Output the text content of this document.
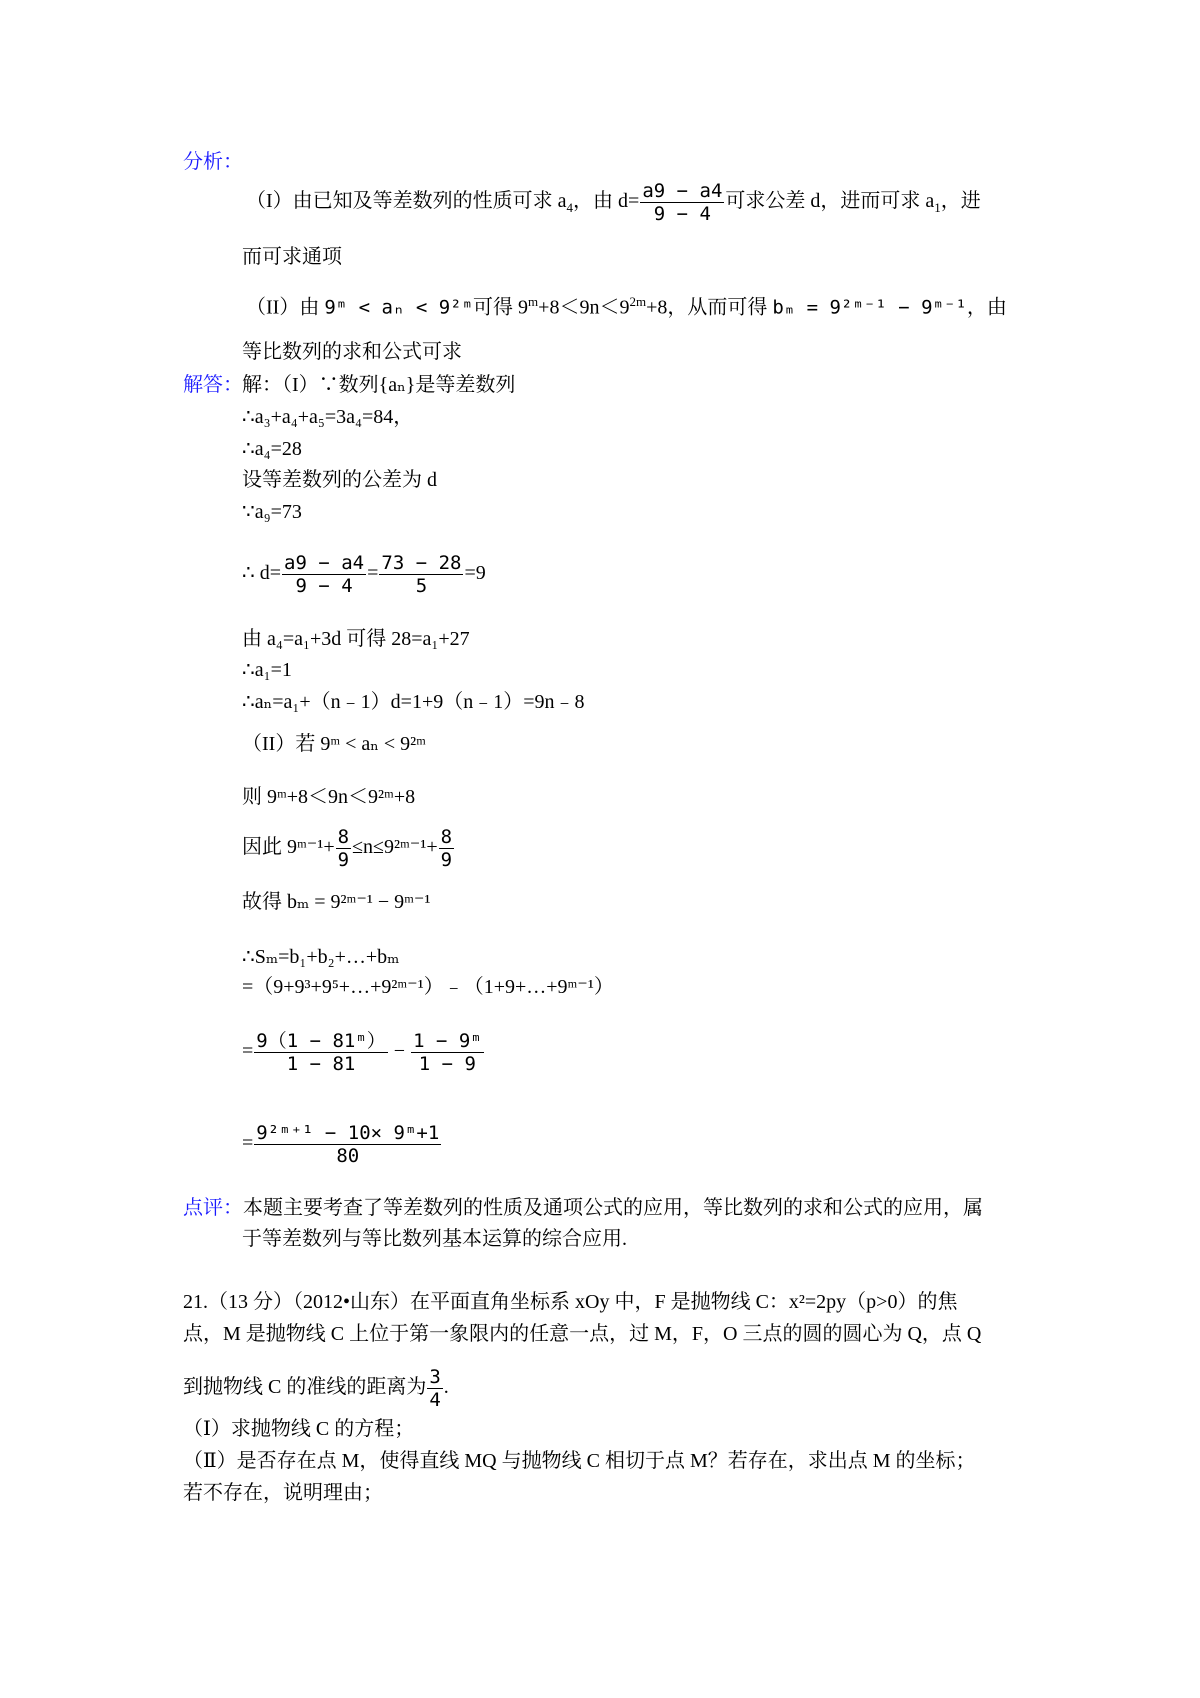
分析：
（I）由已知及等差数列的性质可求 $a_4$，由 $d= \frac{a9 - a4}{9 - 4}$ 可求公差 d，进而可求 $a_1$，进
而可求通项
（II）由 9ᵐ < aₙ < 9²ᵐ可得 $9^m+8<9n<9^{2m}+8$，从而可得 bₘ = 9²ᵐ⁻¹ − 9ᵐ⁻¹，由
等比数列的求和公式可求
解答： 解：（I）∵数列{aₙ}是等差数列
∴a₃+a₄+a₅=3a₄=84，
∴a₄=28
设等差数列的公差为 d
∵a₉=73
∴ $d= \frac{a9 - a4}{9 - 4} = \frac{73 - 28}{5} =9$
由 a₄=a₁+3d 可得 28=a₁+27
∴a₁=1
∴aₙ=a₁+（n﹣1）d=1+9（n﹣1）=9n﹣8
（II）若 9ᵐ < aₙ < 9²ᵐ
则 9ᵐ+8＜9n＜9²ᵐ+8
因此 9ᵐ⁻¹+ $\frac{8}{9}$ ≤n≤9²ᵐ⁻¹+ $\frac{8}{9}$
故得 bₘ = 9²ᵐ⁻¹ − 9ᵐ⁻¹
∴Sₘ=b₁+b₂+…+bₘ
=（9+9³+9⁵+…+9²ᵐ⁻¹）﹣（1+9+…+9ᵐ⁻¹）
= $\frac{\text{9（1 − 81ᵐ）}}{1 - 81} - \frac{\text{1 − 9ᵐ}}{1 - 9}$
= $\frac{\text{9²ᵐ⁺¹ − 10× 9ᵐ+1}}{80}$
点评：本题主要考查了等差数列的性质及通项公式的应用，等比数列的求和公式的应用，属
于等差数列与等比数列基本运算的综合应用.
21.（13 分）（2012•山东）在平面直角坐标系 xOy 中，F 是抛物线 C：x²=2py（p>0）的焦
点，M 是抛物线 C 上位于第一象限内的任意一点，过 M，F，O 三点的圆的圆心为 Q，点 Q
到抛物线 C 的准线的距离为 $\frac{3}{4}$ .
（Ⅰ）求抛物线 C 的方程；
（Ⅱ）是否存在点 M，使得直线 MQ 与抛物线 C 相切于点 M？若存在，求出点 M 的坐标；
若不存在，说明理由；
